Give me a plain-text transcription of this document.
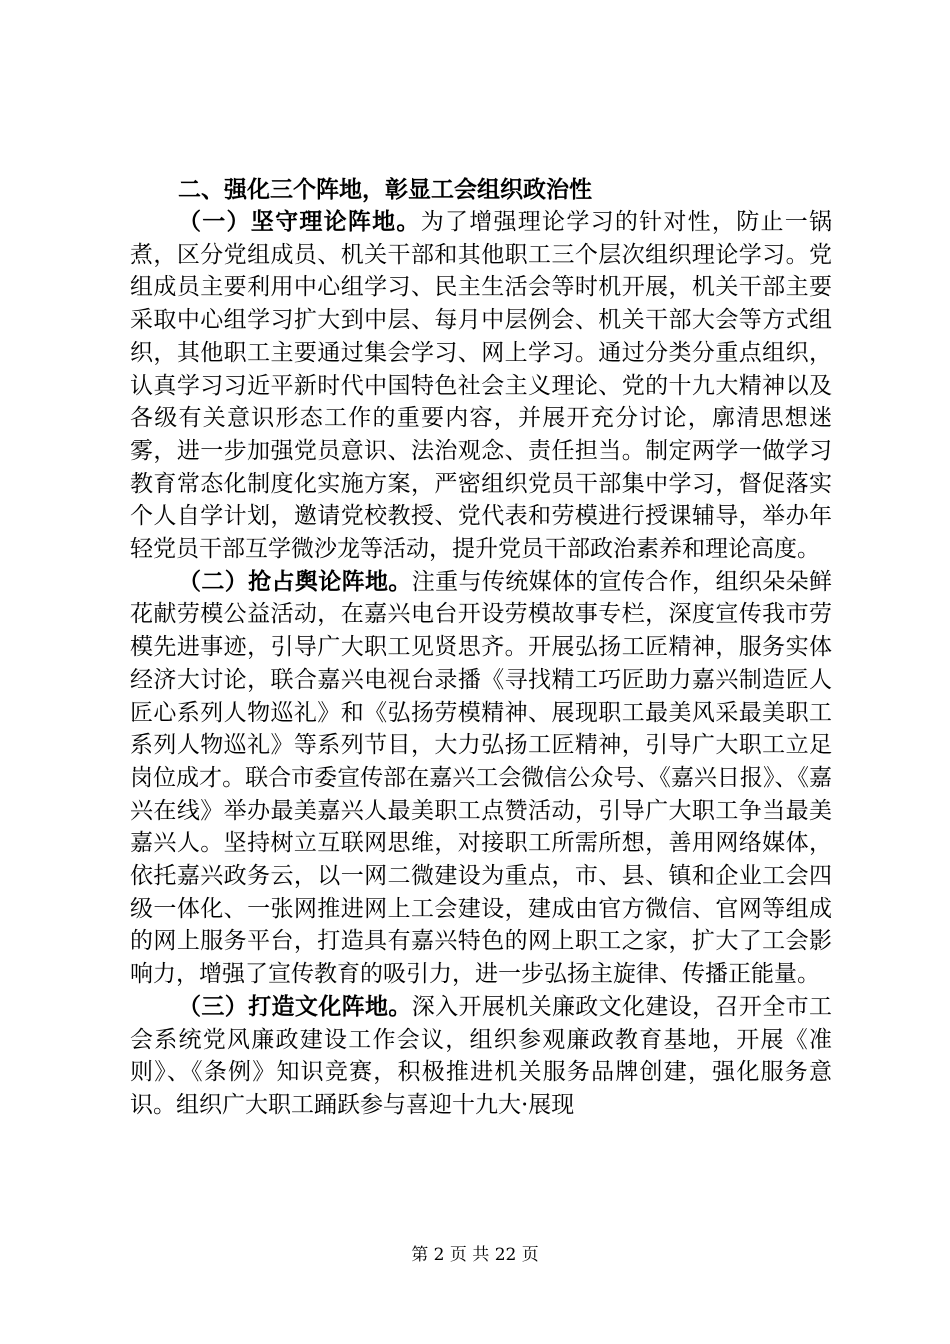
二、强化三个阵地，彰显工会组织政治性

（一）坚守理论阵地。为了增强理论学习的针对性，防止一锅煮，区分党组成员、机关干部和其他职工三个层次组织理论学习。党组成员主要利用中心组学习、民主生活会等时机开展，机关干部主要采取中心组学习扩大到中层、每月中层例会、机关干部大会等方式组织，其他职工主要通过集会学习、网上学习。通过分类分重点组织，认真学习习近平新时代中国特色社会主义理论、党的十九大精神以及各级有关意识形态工作的重要内容，并展开充分讨论，廓清思想迷雾，进一步加强党员意识、法治观念、责任担当。制定两学一做学习教育常态化制度化实施方案，严密组织党员干部集中学习，督促落实个人自学计划，邀请党校教授、党代表和劳模进行授课辅导，举办年轻党员干部互学微沙龙等活动，提升党员干部政治素养和理论高度。

（二）抢占舆论阵地。注重与传统媒体的宣传合作，组织朵朵鲜花献劳模公益活动，在嘉兴电台开设劳模故事专栏，深度宣传我市劳模先进事迹，引导广大职工见贤思齐。开展弘扬工匠精神，服务实体经济大讨论，联合嘉兴电视台录播《寻找精工巧匠助力嘉兴制造匠人匠心系列人物巡礼》和《弘扬劳模精神、展现职工最美风采最美职工系列人物巡礼》等系列节目，大力弘扬工匠精神，引导广大职工立足岗位成才。联合市委宣传部在嘉兴工会微信公众号、《嘉兴日报》、《嘉兴在线》举办最美嘉兴人最美职工点赞活动，引导广大职工争当最美嘉兴人。坚持树立互联网思维，对接职工所需所想，善用网络媒体，依托嘉兴政务云，以一网二微建设为重点，市、县、镇和企业工会四级一体化、一张网推进网上工会建设，建成由官方微信、官网等组成的网上服务平台，打造具有嘉兴特色的网上职工之家，扩大了工会影响力，增强了宣传教育的吸引力，进一步弘扬主旋律、传播正能量。

（三）打造文化阵地。深入开展机关廉政文化建设，召开全市工会系统党风廉政建设工作会议，组织参观廉政教育基地，开展《准则》、《条例》知识竞赛，积极推进机关服务品牌创建，强化服务意识。组织广大职工踊跃参与喜迎十九大·展现

第 2 页 共 22 页
